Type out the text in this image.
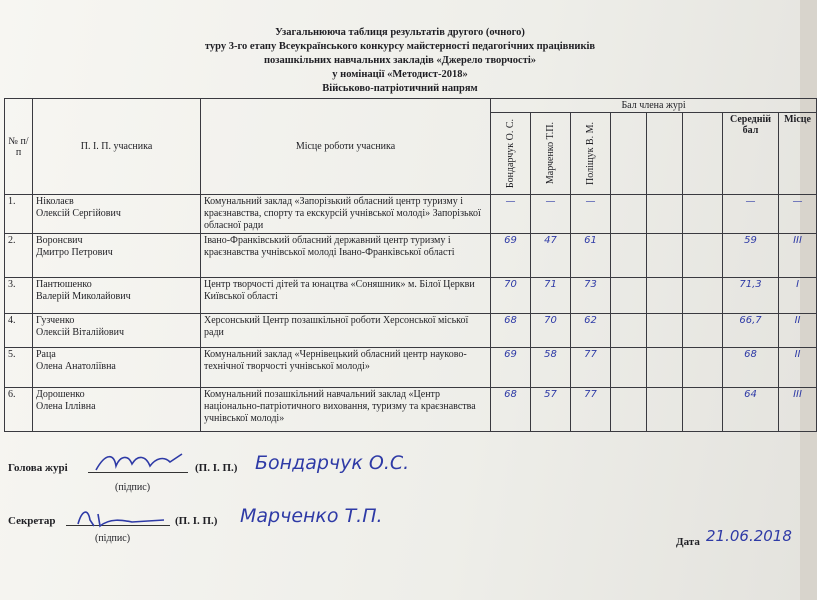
Узагальнююча таблиця результатів другого (очного)
туру 3-го етапу Всеукраїнського конкурсу майстерності педагогічних працівників
позашкільних навчальних закладів «Джерело творчості»
у номінації «Методист-2018»
Військово-патріотичний напрям
№ п/п	П. І. П. учасника	Місце роботи учасника	Бал члена журі							

			Бондарчук О. С.	Марченко Т.П.	Поліщук В. М.				Середній бал	Місце
1.	Ніколаєв
Олексій Сергійович	Комунальний заклад «Запорізький обласний центр туризму і краєзнавства, спорту та екскурсій учнівської молоді» Запорізької обласної ради	—	—	—				—	—
2.	Воронсвич
Дмитро Петрович	Івано-Франківський обласний державний центр туризму і краєзнавства учнівської молоді Івано-Франківської області	69	47	61				59	III
3.	Пантюшенко
Валерій Миколайович	Центр творчості дітей та юнацтва «Соняшник» м. Білої Церкви Київської області	70	71	73				71,3	I
4.	Гузченко
Олексій Віталійович	Херсонський Центр позашкільної роботи Херсонської міської ради	68	70	62				66,7	II
5.	Раца
Олена Анатоліївна	Комунальний заклад «Чернівецький обласний центр науково-технічної творчості учнівської молоді»	69	58	77				68	II
6.	Дорошенко
Олена Іллівна	Комунальний позашкільний навчальний заклад «Центр національно-патріотичного виховання, туризму та краєзнавства учнівської молоді»	68	57	77				64	III
Голова журі	(П. І. П.) Бондарчук О.С.
(підпис)
Секретар	(П. І. П.) Марченко Т.П.
(підпис)	Дата 21.06.2018
